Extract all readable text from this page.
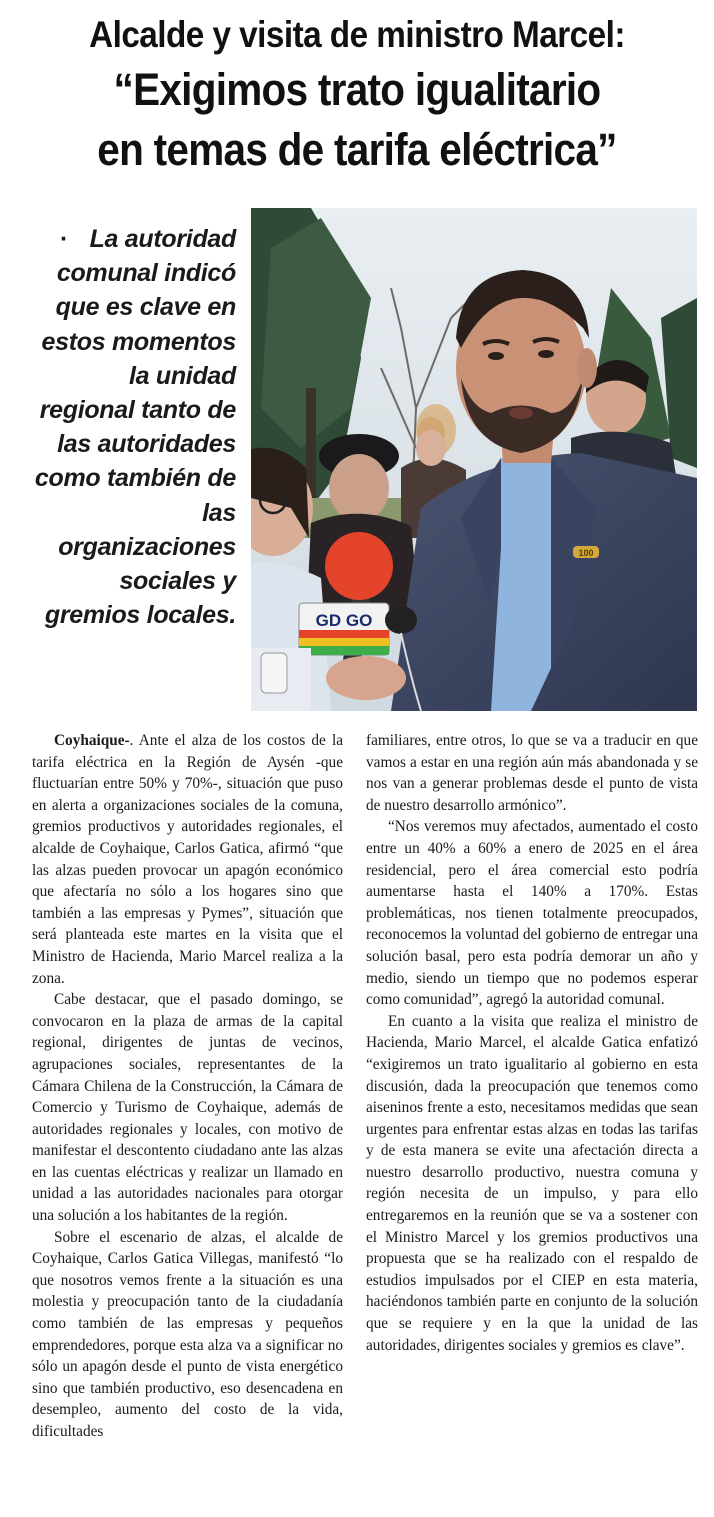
Alcalde y visita de ministro Marcel:
“Exigimos trato igualitario
en temas de tarifa eléctrica”
· La autoridad comunal indicó que es clave en estos momentos la unidad regional tanto de las autoridades como también de las organizaciones sociales y gremios locales.
100
GD GO

Coyhaique-. Ante el alza de los costos de la tarifa eléctrica en la Región de Aysén -que fluctuarían entre 50% y 70%-, situación que puso en alerta a organizaciones sociales de la comuna, gremios productivos y autoridades regionales, el alcalde de Coyhaique, Carlos Gatica, afirmó “que las alzas pueden provocar un apagón económico que afectaría no sólo a los hogares sino que también a las empresas y Pymes”, situación que será planteada este martes en la visita que el Ministro de Hacienda, Mario Marcel realiza a la zona.

Cabe destacar, que el pasado domingo, se convocaron en la plaza de armas de la capital regional, dirigentes de juntas de vecinos, agrupaciones sociales, representantes de la Cámara Chilena de la Construcción, la Cámara de Comercio y Turismo de Coyhaique, además de autoridades regionales y locales, con motivo de manifestar el descontento ciudadano ante las alzas en las cuentas eléctricas y realizar un llamado en unidad a las autoridades nacionales para otorgar una solución a los habitantes de la región.

Sobre el escenario de alzas, el alcalde de Coyhaique, Carlos Gatica Villegas, manifestó “lo que nosotros vemos frente a la situación es una molestia y preocupación tanto de la ciudadanía como también de las empresas y pequeños emprendedores, porque esta alza va a significar no sólo un apagón desde el punto de vista energético sino que también productivo, eso desencadena en desempleo, aumento del costo de la vida, dificultades

familiares, entre otros, lo que se va a traducir en que vamos a estar en una región aún más abandonada y se nos van a generar problemas desde el punto de vista de nuestro desarrollo armónico”.

“Nos veremos muy afectados, aumentado el costo entre un 40% a 60% a enero de 2025 en el área residencial, pero el área comercial esto podría aumentarse hasta el 140% a 170%. Estas problemáticas, nos tienen totalmente preocupados, reconocemos la voluntad del gobierno de entregar una solución basal, pero esta podría demorar un año y medio, siendo un tiempo que no podemos esperar como comunidad”, agregó la autoridad comunal.

En cuanto a la visita que realiza el ministro de Hacienda, Mario Marcel, el alcalde Gatica enfatizó “exigiremos un trato igualitario al gobierno en esta discusión, dada la preocupación que tenemos como aiseninos frente a esto, necesitamos medidas que sean urgentes para enfrentar estas alzas en todas las tarifas y de esta manera se evite una afectación directa a nuestro desarrollo productivo, nuestra comuna y región necesita de un impulso, y para ello entregaremos en la reunión que se va a sostener con el Ministro Marcel y los gremios productivos una propuesta que se ha realizado con el respaldo de estudios impulsados por el CIEP en esta materia, haciéndonos también parte en conjunto de la solución que se requiere y en la que la unidad de las autoridades, dirigentes sociales y gremios es clave”.
